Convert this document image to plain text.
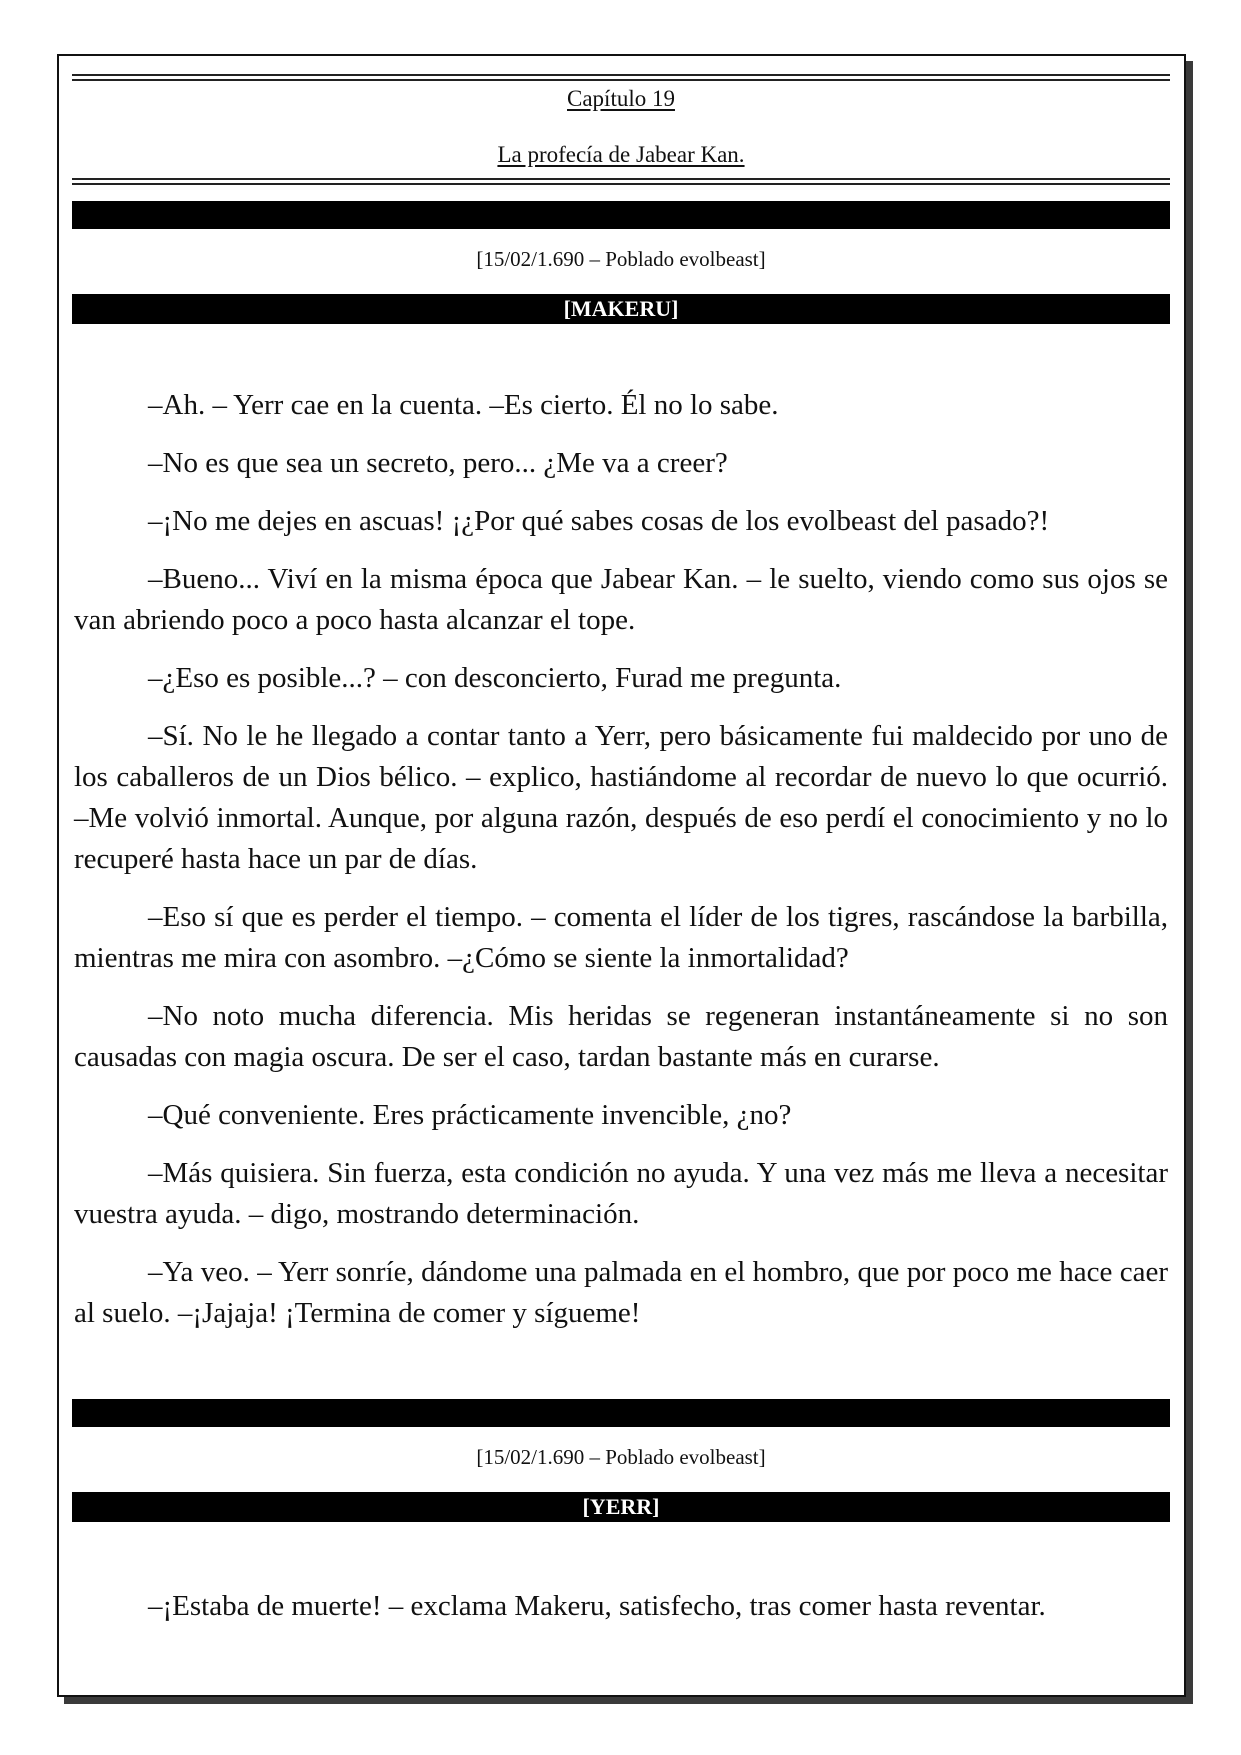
Capítulo 19
La profecía de Jabear Kan.
[15/02/1.690 – Poblado evolbeast]
[MAKERU]

–Ah. – Yerr cae en la cuenta. –Es cierto. Él no lo sabe.

–No es que sea un secreto, pero... ¿Me va a creer?

–¡No me dejes en ascuas! ¡¿Por qué sabes cosas de los evolbeast del pasado?!

–Bueno... Viví en la misma época que Jabear Kan. – le suelto, viendo como sus ojos se van abriendo poco a poco hasta alcanzar el tope.

–¿Eso es posible...? – con desconcierto, Furad me pregunta.

–Sí. No le he llegado a contar tanto a Yerr, pero básicamente fui maldecido por uno de los caballeros de un Dios bélico. – explico, hastiándome al recordar de nuevo lo que ocurrió. –Me volvió inmortal. Aunque, por alguna razón, después de eso perdí el conocimiento y no lo recuperé hasta hace un par de días.

–Eso sí que es perder el tiempo. – comenta el líder de los tigres, rascándose la barbilla, mientras me mira con asombro. –¿Cómo se siente la inmortalidad?

–No noto mucha diferencia. Mis heridas se regeneran instantáneamente si no son causadas con magia oscura. De ser el caso, tardan bastante más en curarse.

–Qué conveniente. Eres prácticamente invencible, ¿no?

–Más quisiera. Sin fuerza, esta condición no ayuda. Y una vez más me lleva a necesitar vuestra ayuda. – digo, mostrando determinación.

–Ya veo. – Yerr sonríe, dándome una palmada en el hombro, que por poco me hace caer al suelo. –¡Jajaja! ¡Termina de comer y sígueme!

[15/02/1.690 – Poblado evolbeast]
[YERR]

–¡Estaba de muerte! – exclama Makeru, satisfecho, tras comer hasta reventar.
